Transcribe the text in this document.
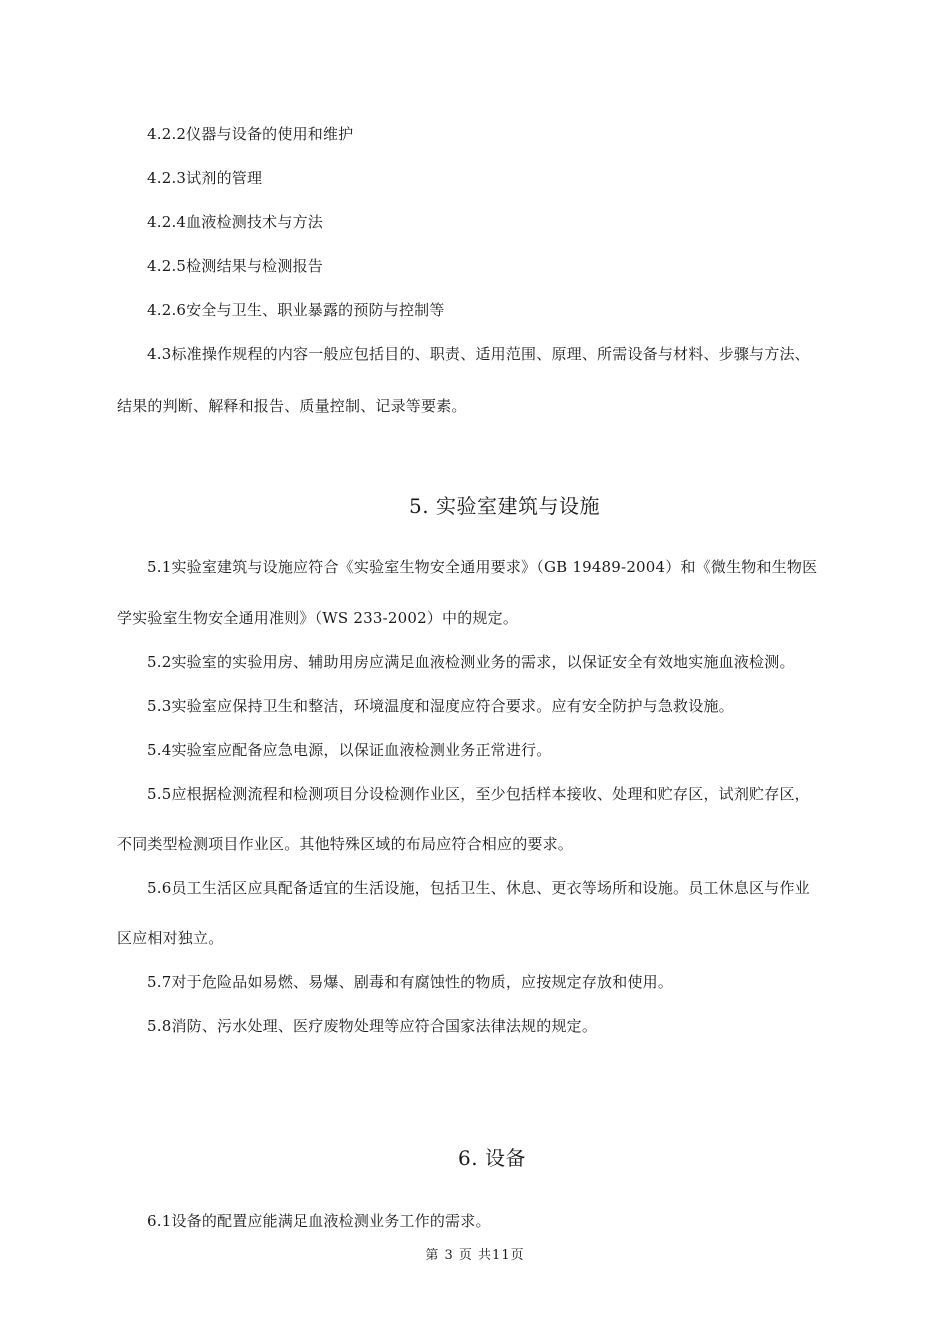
4.2.2仪器与设备的使用和维护
4.2.3试剂的管理
4.2.4血液检测技术与方法
4.2.5检测结果与检测报告
4.2.6安全与卫生、职业暴露的预防与控制等
4.3标准操作规程的内容一般应包括目的、职责、适用范围、原理、所需设备与材料、步骤与方法、
结果的判断、解释和报告、质量控制、记录等要素。
5. 实验室建筑与设施
5.1实验室建筑与设施应符合《实验室生物安全通用要求》（GB 19489-2004）和《微生物和生物医
学实验室生物安全通用准则》（WS 233-2002）中的规定。
5.2实验室的实验用房、辅助用房应满足血液检测业务的需求，以保证安全有效地实施血液检测。
5.3实验室应保持卫生和整洁，环境温度和湿度应符合要求。应有安全防护与急救设施。
5.4实验室应配备应急电源，以保证血液检测业务正常进行。
5.5应根据检测流程和检测项目分设检测作业区，至少包括样本接收、处理和贮存区，试剂贮存区，
不同类型检测项目作业区。其他特殊区域的布局应符合相应的要求。
5.6员工生活区应具配备适宜的生活设施，包括卫生、休息、更衣等场所和设施。员工休息区与作业
区应相对独立。
5.7对于危险品如易燃、易爆、剧毒和有腐蚀性的物质，应按规定存放和使用。
5.8消防、污水处理、医疗废物处理等应符合国家法律法规的规定。
6. 设备
6.1设备的配置应能满足血液检测业务工作的需求。
第 3 页 共11页
